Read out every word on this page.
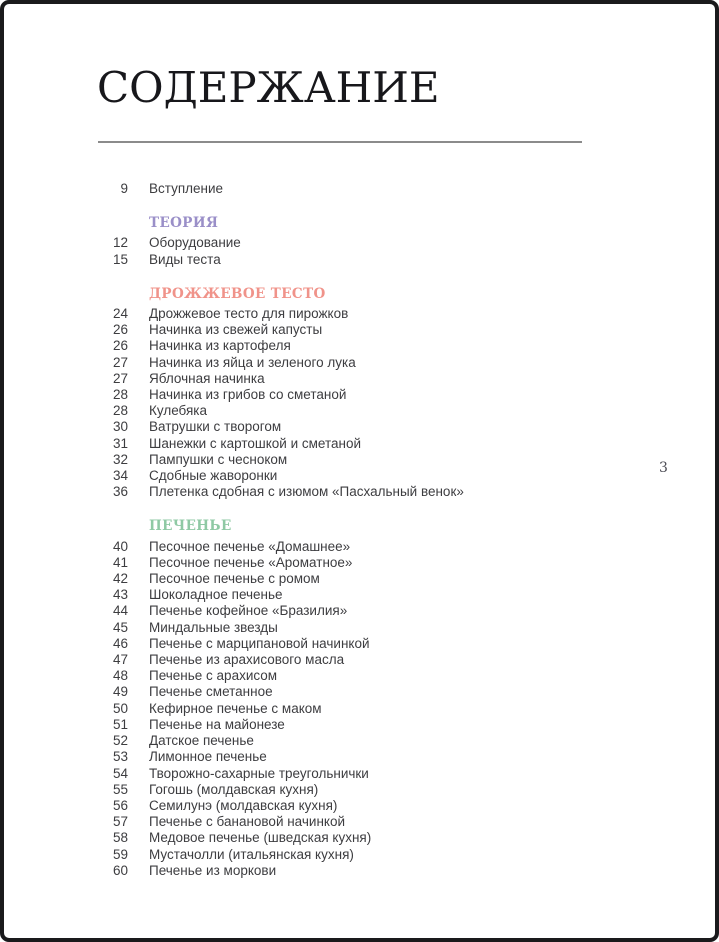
СОДЕРЖАНИЕ
9 Вступление
ТЕОРИЯ
12 Оборудование
15 Виды теста
ДРОЖЖЕВОЕ ТЕСТО
24 Дрожжевое тесто для пирожков
26 Начинка из свежей капусты
26 Начинка из картофеля
27 Начинка из яйца и зеленого лука
27 Яблочная начинка
28 Начинка из грибов со сметаной
28 Кулебяка
30 Ватрушки с творогом
31 Шанежки с картошкой и сметаной
32 Пампушки с чесноком
34 Сдобные жаворонки
36 Плетенка сдобная с изюмом «Пасхальный венок»
ПЕЧЕНЬЕ
40 Песочное печенье «Домашнее»
41 Песочное печенье «Ароматное»
42 Песочное печенье с ромом
43 Шоколадное печенье
44 Печенье кофейное «Бразилия»
45 Миндальные звезды
46 Печенье с марципановой начинкой
47 Печенье из арахисового масла
48 Печенье с арахисом
49 Печенье сметанное
50 Кефирное печенье с маком
51 Печенье на майонезе
52 Датское печенье
53 Лимонное печенье
54 Творожно-сахарные треугольнички
55 Гогошь (молдавская кухня)
56 Семилунэ (молдавская кухня)
57 Печенье с банановой начинкой
58 Медовое печенье (шведская кухня)
59 Мустачолли (итальянская кухня)
60 Печенье из моркови
3
